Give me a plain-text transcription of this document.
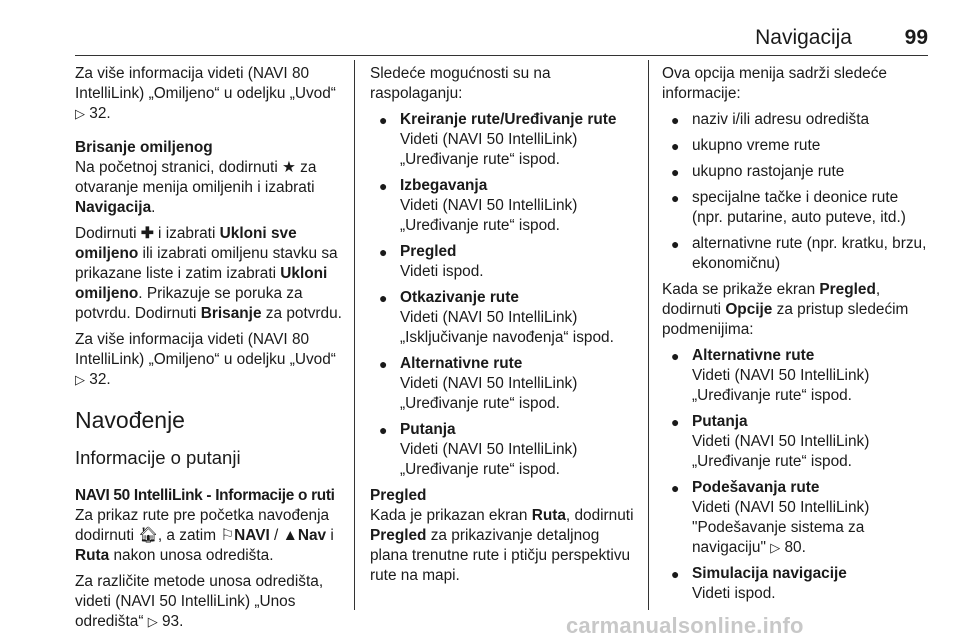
Navigacija	99

Za više informacija videti (NAVI 80 IntelliLink) „Omiljeno“ u odeljku „Uvod“ ▷ 32.

Brisanje omiljenog

Na početnoj stranici, dodirnuti ★ za otvaranje menija omiljenih i izabrati Navigacija.

Dodirnuti ✚ i izabrati Ukloni sve omiljeno ili izabrati omiljenu stavku sa prikazane liste i zatim izabrati Ukloni omiljeno. Prikazuje se poruka za potvrdu. Dodirnuti Brisanje za potvrdu.

Za više informacija videti (NAVI 80 IntelliLink) „Omiljeno“ u odeljku „Uvod“ ▷ 32.

Navođenje
Informacije o putanji

NAVI 50 IntelliLink - Informacije o ruti

Za prikaz rute pre početka navođenja dodirnuti 🏠︎, a zatim ⚐NAVI / ▲Nav i Ruta nakon unosa odredišta.

Za različite metode unosa odredišta, videti (NAVI 50 IntelliLink) „Unos odredišta“ ▷ 93.

Sledeće mogućnosti su na raspolaganju:

● Kreiranje rute/Uređivanje rute
Videti (NAVI 50 IntelliLink) „Uređivanje rute“ ispod.
● Izbegavanja
Videti (NAVI 50 IntelliLink) „Uređivanje rute“ ispod.
● Pregled
Videti ispod.
● Otkazivanje rute
Videti (NAVI 50 IntelliLink) „Isključivanje navođenja“ ispod.
● Alternativne rute
Videti (NAVI 50 IntelliLink) „Uređivanje rute“ ispod.
● Putanja
Videti (NAVI 50 IntelliLink) „Uređivanje rute“ ispod.

Pregled

Kada je prikazan ekran Ruta, dodirnuti Pregled za prikazivanje detaljnog plana trenutne rute i ptičju perspektivu rute na mapi.

Ova opcija menija sadrži sledeće informacije:

● naziv i/ili adresu odredišta
● ukupno vreme rute
● ukupno rastojanje rute
● specijalne tačke i deonice rute (npr. putarine, auto puteve, itd.)
● alternativne rute (npr. kratku, brzu, ekonomičnu)

Kada se prikaže ekran Pregled, dodirnuti Opcije za pristup sledećim podmenijima:

● Alternativne rute
Videti (NAVI 50 IntelliLink) „Uređivanje rute“ ispod.
● Putanja
Videti (NAVI 50 IntelliLink) „Uređivanje rute“ ispod.
● Podešavanja rute
Videti (NAVI 50 IntelliLink) "Podešavanje sistema za navigaciju" ▷ 80.
● Simulacija navigacije
Videti ispod.
carmanualsonline.info
